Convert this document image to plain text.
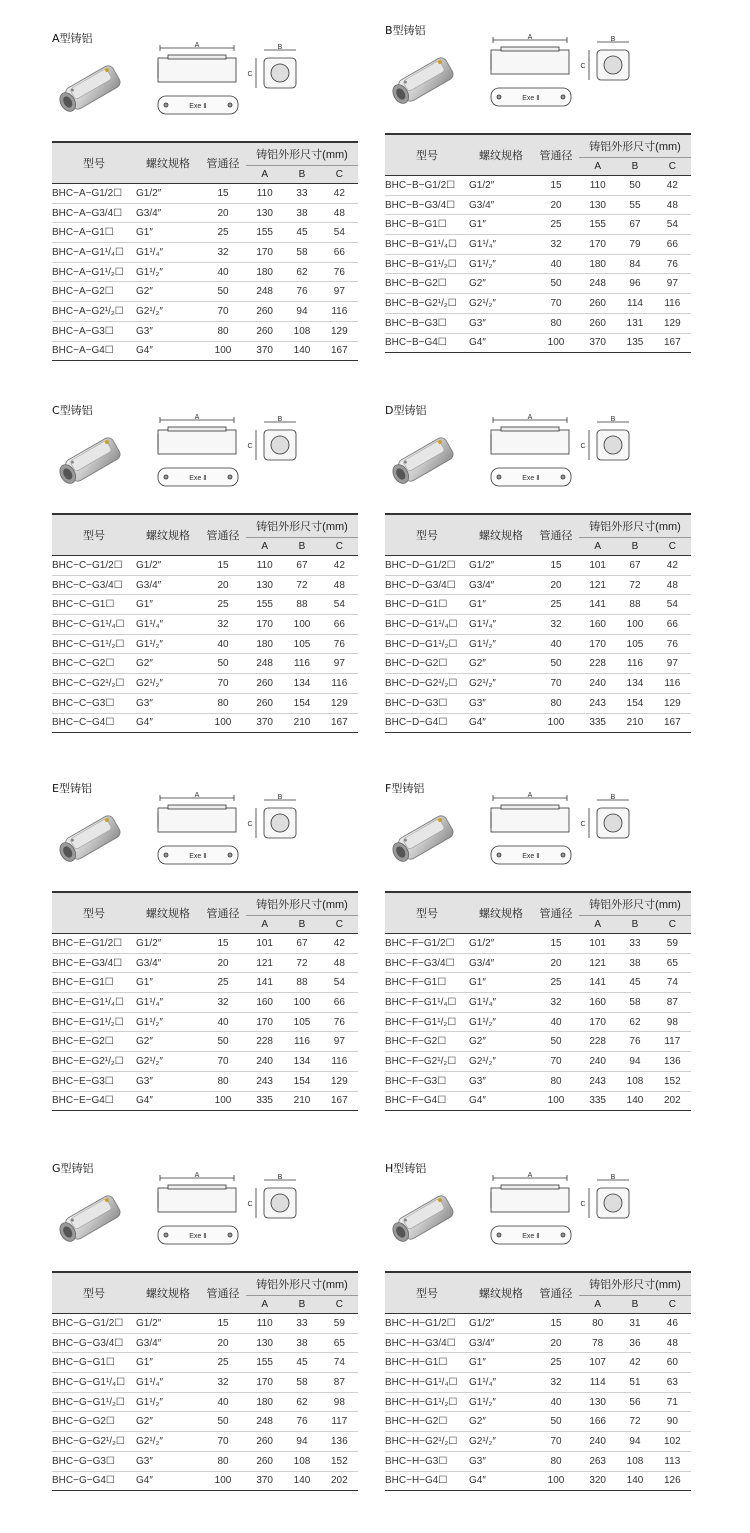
A型铸铝
A	B
C
Exe Ⅱ
型号	螺纹规格	管通径	铸铝外形尺寸(mm)		
			A	B	C
BHC−A−G1/2☐	G1/2″	15	110	33	42
BHC−A−G3/4☐	G3/4″	20	130	38	48
BHC−A−G1☐	G1″	25	155	45	54
BHC−A−G1¹/₄☐	G1¹/₄″	32	170	58	66
BHC−A−G1¹/₂☐	G1¹/₂″	40	180	62	76
BHC−A−G2☐	G2″	50	248	76	97
BHC−A−G2¹/₂☐	G2¹/₂″	70	260	94	116
BHC−A−G3☐	G3″	80	260	108	129
BHC−A−G4☐	G4″	100	370	140	167
B型铸铝
A	B
C
Exe Ⅱ
型号	螺纹规格	管通径	铸铝外形尺寸(mm)		
			A	B	C
BHC−B−G1/2☐	G1/2″	15	110	50	42
BHC−B−G3/4☐	G3/4″	20	130	55	48
BHC−B−G1☐	G1″	25	155	67	54
BHC−B−G1¹/₄☐	G1¹/₄″	32	170	79	66
BHC−B−G1¹/₂☐	G1¹/₂″	40	180	84	76
BHC−B−G2☐	G2″	50	248	96	97
BHC−B−G2¹/₂☐	G2¹/₂″	70	260	114	116
BHC−B−G3☐	G3″	80	260	131	129
BHC−B−G4☐	G4″	100	370	135	167
C型铸铝
A	B
C
Exe Ⅱ
型号	螺纹规格	管通径	铸铝外形尺寸(mm)		
			A	B	C
BHC−C−G1/2☐	G1/2″	15	110	67	42
BHC−C−G3/4☐	G3/4″	20	130	72	48
BHC−C−G1☐	G1″	25	155	88	54
BHC−C−G1¹/₄☐	G1¹/₄″	32	170	100	66
BHC−C−G1¹/₂☐	G1¹/₂″	40	180	105	76
BHC−C−G2☐	G2″	50	248	116	97
BHC−C−G2¹/₂☐	G2¹/₂″	70	260	134	116
BHC−C−G3☐	G3″	80	260	154	129
BHC−C−G4☐	G4″	100	370	210	167
D型铸铝
A	B
C
Exe Ⅱ
型号	螺纹规格	管通径	铸铝外形尺寸(mm)		
			A	B	C
BHC−D−G1/2☐	G1/2″	15	101	67	42
BHC−D−G3/4☐	G3/4″	20	121	72	48
BHC−D−G1☐	G1″	25	141	88	54
BHC−D−G1¹/₄☐	G1¹/₄″	32	160	100	66
BHC−D−G1¹/₂☐	G1¹/₂″	40	170	105	76
BHC−D−G2☐	G2″	50	228	116	97
BHC−D−G2¹/₂☐	G2¹/₂″	70	240	134	116
BHC−D−G3☐	G3″	80	243	154	129
BHC−D−G4☐	G4″	100	335	210	167
E型铸铝
A	B
C
Exe Ⅱ
型号	螺纹规格	管通径	铸铝外形尺寸(mm)		
			A	B	C
BHC−E−G1/2☐	G1/2″	15	101	67	42
BHC−E−G3/4☐	G3/4″	20	121	72	48
BHC−E−G1☐	G1″	25	141	88	54
BHC−E−G1¹/₄☐	G1¹/₄″	32	160	100	66
BHC−E−G1¹/₂☐	G1¹/₂″	40	170	105	76
BHC−E−G2☐	G2″	50	228	116	97
BHC−E−G2¹/₂☐	G2¹/₂″	70	240	134	116
BHC−E−G3☐	G3″	80	243	154	129
BHC−E−G4☐	G4″	100	335	210	167
F型铸铝
A	B
C
Exe Ⅱ
型号	螺纹规格	管通径	铸铝外形尺寸(mm)		
			A	B	C
BHC−F−G1/2☐	G1/2″	15	101	33	59
BHC−F−G3/4☐	G3/4″	20	121	38	65
BHC−F−G1☐	G1″	25	141	45	74
BHC−F−G1¹/₄☐	G1¹/₄″	32	160	58	87
BHC−F−G1¹/₂☐	G1¹/₂″	40	170	62	98
BHC−F−G2☐	G2″	50	228	76	117
BHC−F−G2¹/₂☐	G2¹/₂″	70	240	94	136
BHC−F−G3☐	G3″	80	243	108	152
BHC−F−G4☐	G4″	100	335	140	202
G型铸铝
A	B
C
Exe Ⅱ
型号	螺纹规格	管通径	铸铝外形尺寸(mm)		
			A	B	C
BHC−G−G1/2☐	G1/2″	15	110	33	59
BHC−G−G3/4☐	G3/4″	20	130	38	65
BHC−G−G1☐	G1″	25	155	45	74
BHC−G−G1¹/₄☐	G1¹/₄″	32	170	58	87
BHC−G−G1¹/₂☐	G1¹/₂″	40	180	62	98
BHC−G−G2☐	G2″	50	248	76	117
BHC−G−G2¹/₂☐	G2¹/₂″	70	260	94	136
BHC−G−G3☐	G3″	80	260	108	152
BHC−G−G4☐	G4″	100	370	140	202
H型铸铝
A	B
C
Exe Ⅱ
型号	螺纹规格	管通径	铸铝外形尺寸(mm)		
			A	B	C
BHC−H−G1/2☐	G1/2″	15	80	31	46
BHC−H−G3/4☐	G3/4″	20	78	36	48
BHC−H−G1☐	G1″	25	107	42	60
BHC−H−G1¹/₄☐	G1¹/₄″	32	114	51	63
BHC−H−G1¹/₂☐	G1¹/₂″	40	130	56	71
BHC−H−G2☐	G2″	50	166	72	90
BHC−H−G2¹/₂☐	G2¹/₂″	70	240	94	102
BHC−H−G3☐	G3″	80	263	108	113
BHC−H−G4☐	G4″	100	320	140	126
